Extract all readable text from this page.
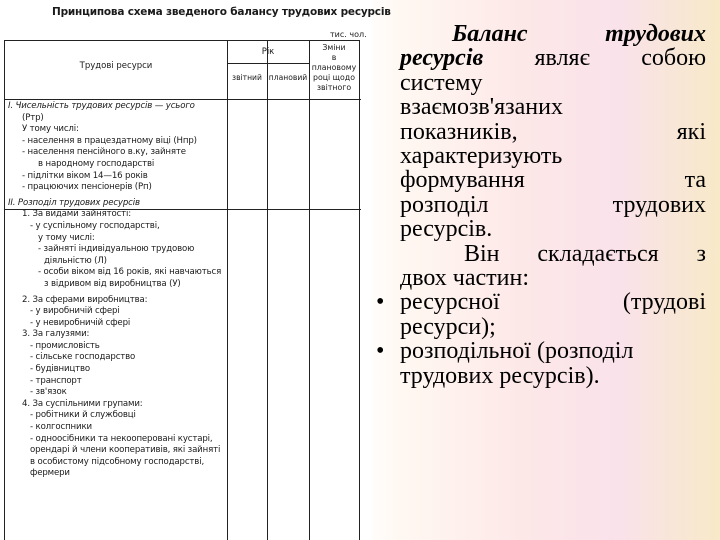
Принципова схема зведеного балансу трудових ресурсів
тис. чол.
Трудові ресурси
Рік
звітний плановий
Зміни
в плановому
році щодо
звітного
І. Чисельність трудових ресурсів — усього
(Ртр)
У тому числі:
- населення в працездатному віці (Нпр)
- населення пенсійного в.ку, зайняте
в народному господарстві
- підлітки віком 14—16 років
- працюючих пенсіонерів (Рп)
ІІ. Розподіл трудових ресурсів
1. За видами зайнятості:
- у суспільному господарстві,
у тому числі:
- зайняті індивідуальною трудовою
діяльністю (Л)
- особи віком від 16 років, які навчаються
з відривом від виробництва (У)
2. За сферами виробництва:
- у виробничій сфері
- у невиробничій сфері
3. За галузями:
- промисловість
- сільське господарство
- будівництво
- транспорт
- зв'язок
4. За суспільними групами:
- робітники й службовці
- колгоспники
- одноосібники та некооперовані кустарі,
орендарі й члени кооперативів, які зайняті
в особистому підсобному господарстві,
фермери
Баланс	трудових
ресурсів являє собою
систему
взаємозв'язаних
показників,	які
характеризують
формування	та
розподіл	трудових
ресурсів.
Він складається з
двох частин:
• ресурсної	(трудові
ресурси);
• розподільної (розподіл
трудових ресурсів).
